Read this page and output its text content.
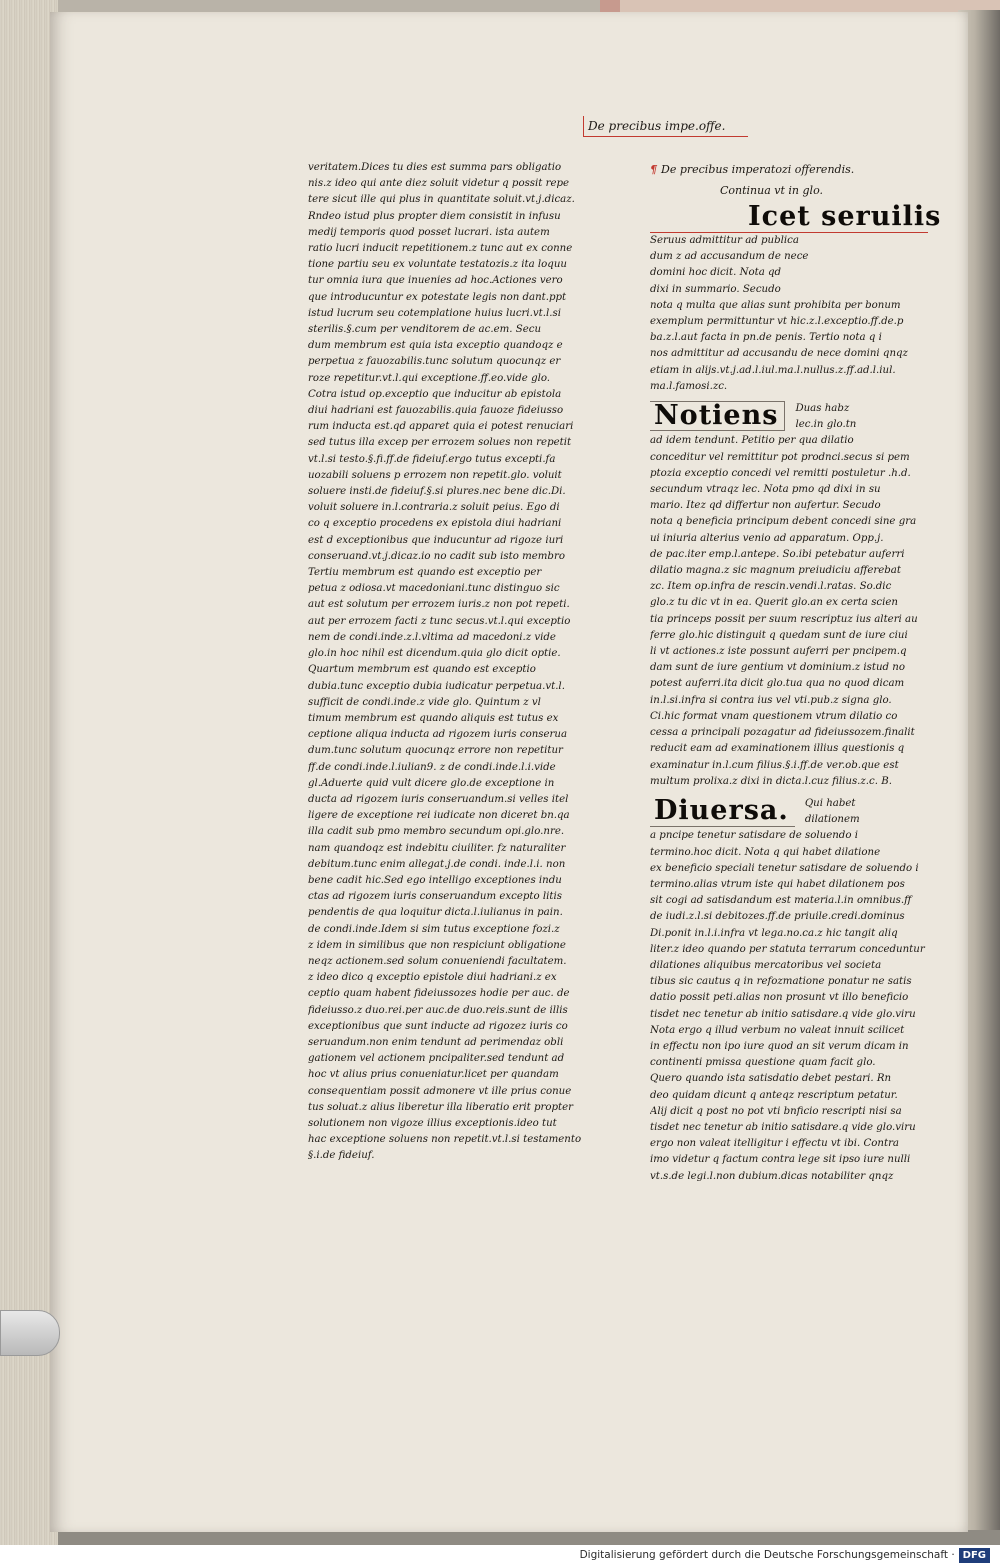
De precibus impe.offe.

veritatem.Dices tu dies est summa pars obligatio

nis.z ideo qui ante diez soluit videtur q possit repe

tere sicut ille qui plus in quantitate soluit.vt.j.dicaz.

Rndeo istud plus propter diem consistit in infusu

medij temporis quod posset lucrari. ista autem

ratio lucri inducit repetitionem.z tunc aut ex conne

tione partiu seu ex voluntate testatozis.z ita loquu

tur omnia iura que inuenies ad hoc.Actiones vero

que introducuntur ex potestate legis non dant.ppt

istud lucrum seu cotemplatione huius lucri.vt.l.si

sterilis.§.cum per venditorem de ac.em. Secu

dum membrum est quia ista exceptio quandoqz e

perpetua z fauozabilis.tunc solutum quocunqz er

roze repetitur.vt.l.qui exceptione.ff.eo.vide glo.

Cotra istud op.exceptio que inducitur ab epistola

diui hadriani est fauozabilis.quia fauoze fideiusso

rum inducta est.qd apparet quia ei potest renuciari

sed tutus illa excep per errozem solues non repetit

vt.l.si testo.§.fi.ff.de fideiuf.ergo tutus excepti.fa

uozabili soluens p errozem non repetit.glo. voluit

soluere insti.de fideiuf.§.si plures.nec bene dic.Di.

voluit soluere in.l.contraria.z soluit peius. Ego di

co q exceptio procedens ex epistola diui hadriani

est d exceptionibus que inducuntur ad rigoze iuri

conseruand.vt.j.dicaz.io no cadit sub isto membro

Tertiu membrum est quando est exceptio per

petua z odiosa.vt macedoniani.tunc distinguo sic

aut est solutum per errozem iuris.z non pot repeti.

aut per errozem facti z tunc secus.vt.l.qui exceptio

nem de condi.inde.z.l.vltima ad macedoni.z vide

glo.in hoc nihil est dicendum.quia glo dicit optie.

Quartum membrum est quando est exceptio

dubia.tunc exceptio dubia iudicatur perpetua.vt.l.

sufficit de condi.inde.z vide glo. Quintum z vl

timum membrum est quando aliquis est tutus ex

ceptione aliqua inducta ad rigozem iuris conserua

dum.tunc solutum quocunqz errore non repetitur

ff.de condi.inde.l.iulian9. z de condi.inde.l.i.vide

gl.Aduerte quid vult dicere glo.de exceptione in

ducta ad rigozem iuris conseruandum.si velles itel

ligere de exceptione rei iudicate non diceret bn.qa

illa cadit sub pmo membro secundum opi.glo.nre.

nam quandoqz est indebitu ciuiliter. fz naturaliter

debitum.tunc enim allegat.j.de condi. inde.l.i. non

bene cadit hic.Sed ego intelligo exceptiones indu

ctas ad rigozem iuris conseruandum excepto litis

pendentis de qua loquitur dicta.l.iulianus in pain.

de condi.inde.Idem si sim tutus exceptione fozi.z

z idem in similibus que non respiciunt obligatione

neqz actionem.sed solum conueniendi facultatem.

z ideo dico q exceptio epistole diui hadriani.z ex

ceptio quam habent fideiussozes hodie per auc. de

fideiusso.z duo.rei.per auc.de duo.reis.sunt de illis

exceptionibus que sunt inducte ad rigozez iuris co

seruandum.non enim tendunt ad perimendaz obli

gationem vel actionem pncipaliter.sed tendunt ad

hoc vt alius prius conueniatur.licet per quandam

consequentiam possit admonere vt ille prius conue

tus soluat.z alius liberetur illa liberatio erit propter

solutionem non vigoze illius exceptionis.ideo tut

hac exceptione soluens non repetit.vt.l.si testamento

§.i.de fideiuf.

¶ De precibus imperatozi offerendis.
Continua vt in glo.
Icet seruilis

Seruus admittitur ad publica

dum z ad accusandum de nece

domini hoc dicit. Nota qd

dixi in summario. Secudo

nota q multa que alias sunt prohibita per bonum

exemplum permittuntur vt hic.z.l.exceptio.ff.de.p

ba.z.l.aut facta in pn.de penis. Tertio nota q i

nos admittitur ad accusandu de nece domini qnqz

etiam in alijs.vt.j.ad.l.iul.ma.l.nullus.z.ff.ad.l.iul.

ma.l.famosi.zc.

Notiens	Duas habz

lec.in glo.tn

ad idem tendunt. Petitio per qua dilatio

conceditur vel remittitur pot prodnci.secus si pem

ptozia exceptio concedi vel remitti postuletur .h.d.

secundum vtraqz lec. Nota pmo qd dixi in su

mario. Itez qd differtur non aufertur. Secudo

nota q beneficia principum debent concedi sine gra

ui iniuria alterius venio ad apparatum. Opp.j.

de pac.iter emp.l.antepe. So.ibi petebatur auferri

dilatio magna.z sic magnum preiudiciu afferebat

zc. Item op.infra de rescin.vendi.l.ratas. So.dic

glo.z tu dic vt in ea. Querit glo.an ex certa scien

tia princeps possit per suum rescriptuz ius alteri au

ferre glo.hic distinguit q quedam sunt de iure ciui

li vt actiones.z iste possunt auferri per pncipem.q

dam sunt de iure gentium vt dominium.z istud no

potest auferri.ita dicit glo.tua qua no quod dicam

in.l.si.infra si contra ius vel vti.pub.z signa glo.

Ci.hic format vnam questionem vtrum dilatio co

cessa a principali pozagatur ad fideiussozem.finalit

reducit eam ad examinationem illius questionis q

examinatur in.l.cum filius.§.i.ff.de ver.ob.que est

multum prolixa.z dixi in dicta.l.cuz filius.z.c. B.

Diuersa.	Qui habet

dilationem

a pncipe tenetur satisdare de soluendo i

termino.hoc dicit. Nota q qui habet dilatione

ex beneficio speciali tenetur satisdare de soluendo i

termino.alias vtrum iste qui habet dilationem pos

sit cogi ad satisdandum est materia.l.in omnibus.ff

de iudi.z.l.si debitozes.ff.de priuile.credi.dominus

Di.ponit in.l.i.infra vt lega.no.ca.z hic tangit aliq

liter.z ideo quando per statuta terrarum conceduntur

dilationes aliquibus mercatoribus vel societa

tibus sic cautus q in refozmatione ponatur ne satis

datio possit peti.alias non prosunt vt illo beneficio

tisdet nec tenetur ab initio satisdare.q vide glo.viru

Nota ergo q illud verbum no valeat innuit scilicet

in effectu non ipo iure quod an sit verum dicam in

continenti pmissa questione quam facit glo.

Quero quando ista satisdatio debet pestari. Rn

deo quidam dicunt q anteqz rescriptum petatur.

Alij dicit q post no pot vti bnficio rescripti nisi sa

tisdet nec tenetur ab initio satisdare.q vide glo.viru

ergo non valeat itelligitur i effectu vt ibi. Contra

imo videtur q factum contra lege sit ipso iure nulli

vt.s.de legi.l.non dubium.dicas notabiliter qnqz

Digitalisierung gefördert durch die Deutsche Forschungsgemeinschaft · DFG
